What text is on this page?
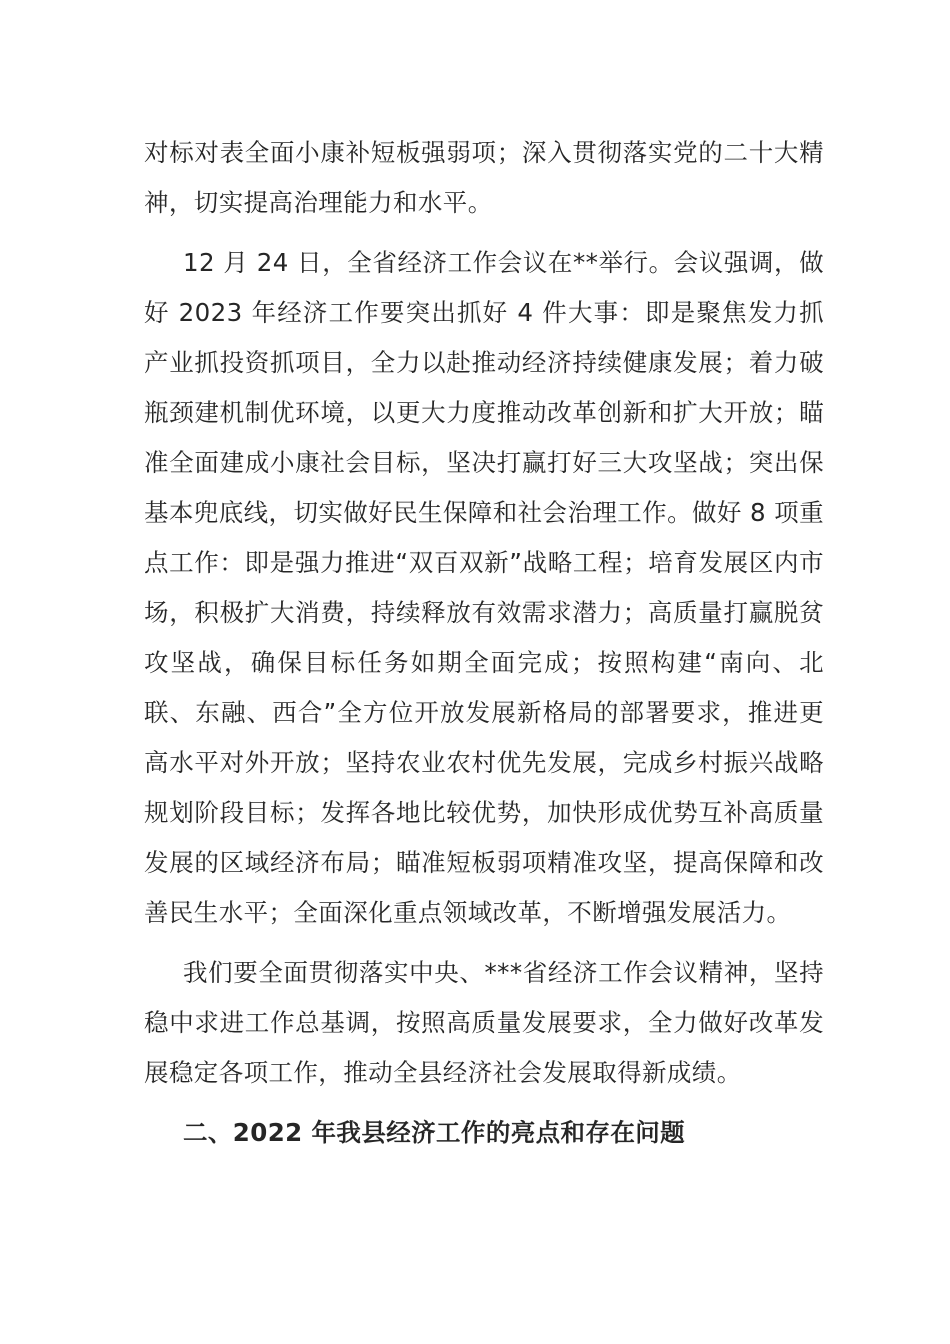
对标对表全面小康补短板强弱项；深入贯彻落实党的二十大精神，切实提高治理能力和水平。

12 月 24 日，全省经济工作会议在**举行。会议强调，做好 2023 年经济工作要突出抓好 4 件大事：即是聚焦发力抓产业抓投资抓项目，全力以赴推动经济持续健康发展；着力破瓶颈建机制优环境，以更大力度推动改革创新和扩大开放；瞄准全面建成小康社会目标，坚决打赢打好三大攻坚战；突出保基本兜底线，切实做好民生保障和社会治理工作。做好 8 项重点工作：即是强力推进“双百双新”战略工程；培育发展区内市场，积极扩大消费，持续释放有效需求潜力；高质量打赢脱贫攻坚战，确保目标任务如期全面完成；按照构建“南向、北联、东融、西合”全方位开放发展新格局的部署要求，推进更高水平对外开放；坚持农业农村优先发展，完成乡村振兴战略规划阶段目标；发挥各地比较优势，加快形成优势互补高质量发展的区域经济布局；瞄准短板弱项精准攻坚，提高保障和改善民生水平；全面深化重点领域改革，不断增强发展活力。

我们要全面贯彻落实中央、***省经济工作会议精神，坚持稳中求进工作总基调，按照高质量发展要求，全力做好改革发展稳定各项工作，推动全县经济社会发展取得新成绩。

二、2022 年我县经济工作的亮点和存在问题
